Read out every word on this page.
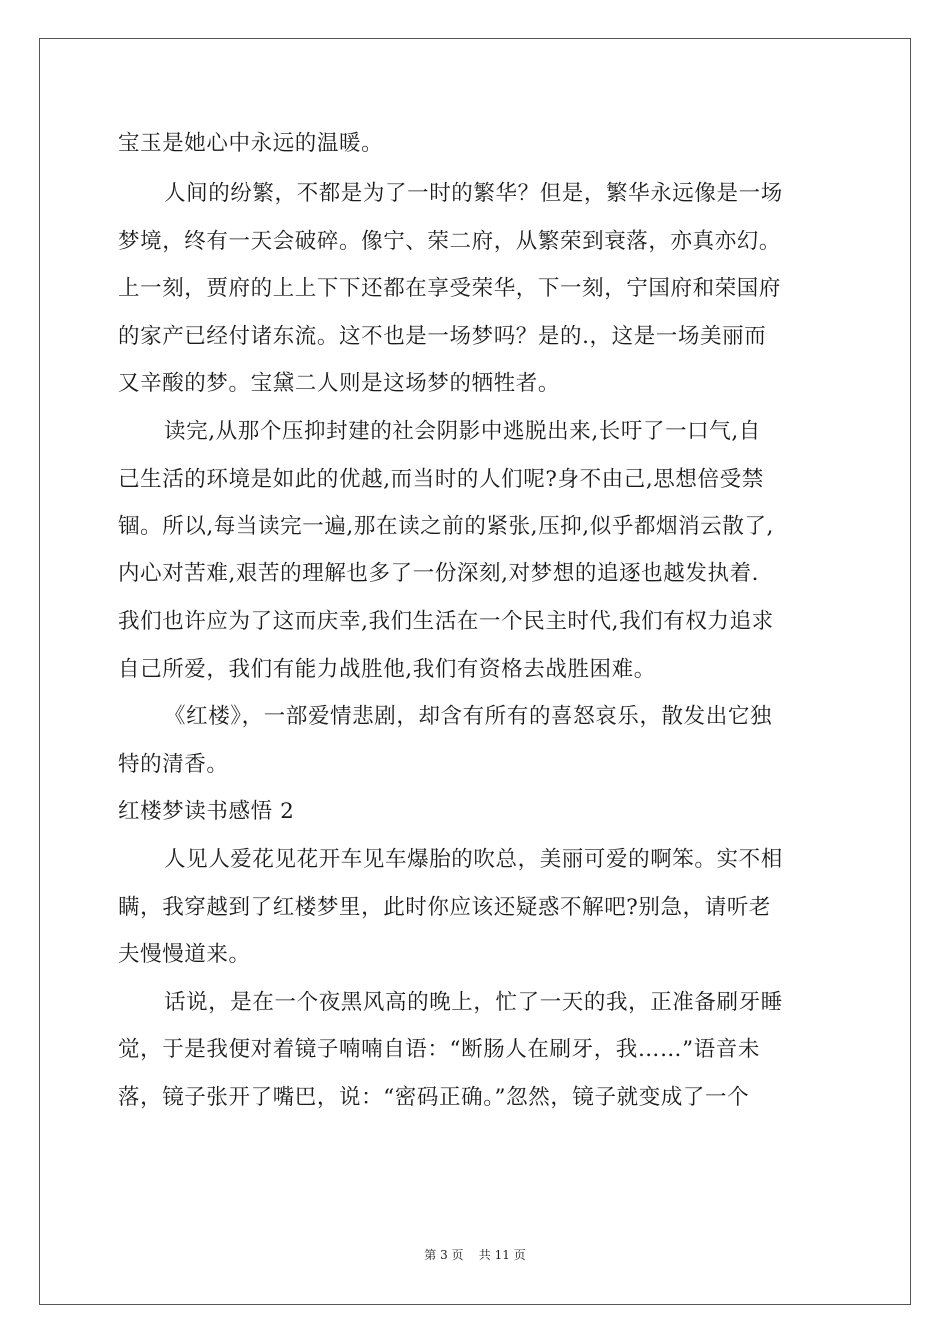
宝玉是她心中永远的温暖。
人间的纷繁，不都是为了一时的繁华？但是，繁华永远像是一场
梦境，终有一天会破碎。像宁、荣二府，从繁荣到衰落，亦真亦幻。
上一刻，贾府的上上下下还都在享受荣华，下一刻，宁国府和荣国府
的家产已经付诸东流。这不也是一场梦吗？是的.，这是一场美丽而
又辛酸的梦。宝黛二人则是这场梦的牺牲者。
读完,从那个压抑封建的社会阴影中逃脱出来,长吁了一口气,自
己生活的环境是如此的优越,而当时的人们呢?身不由己,思想倍受禁
锢。所以,每当读完一遍,那在读之前的紧张,压抑,似乎都烟消云散了,
内心对苦难,艰苦的理解也多了一份深刻,对梦想的追逐也越发执着.
我们也许应为了这而庆幸,我们生活在一个民主时代,我们有权力追求
自己所爱，我们有能力战胜他,我们有资格去战胜困难。
《红楼》，一部爱情悲剧，却含有所有的喜怒哀乐，散发出它独
特的清香。
红楼梦读书感悟 2
人见人爱花见花开车见车爆胎的吹总，美丽可爱的啊笨。实不相
瞒，我穿越到了红楼梦里，此时你应该还疑惑不解吧?别急，请听老
夫慢慢道来。
话说，是在一个夜黑风高的晚上，忙了一天的我，正准备刷牙睡
觉，于是我便对着镜子喃喃自语：“断肠人在刷牙，我……”语音未
落，镜子张开了嘴巴，说：“密码正确。”忽然，镜子就变成了一个
第 3 页    共 11 页
